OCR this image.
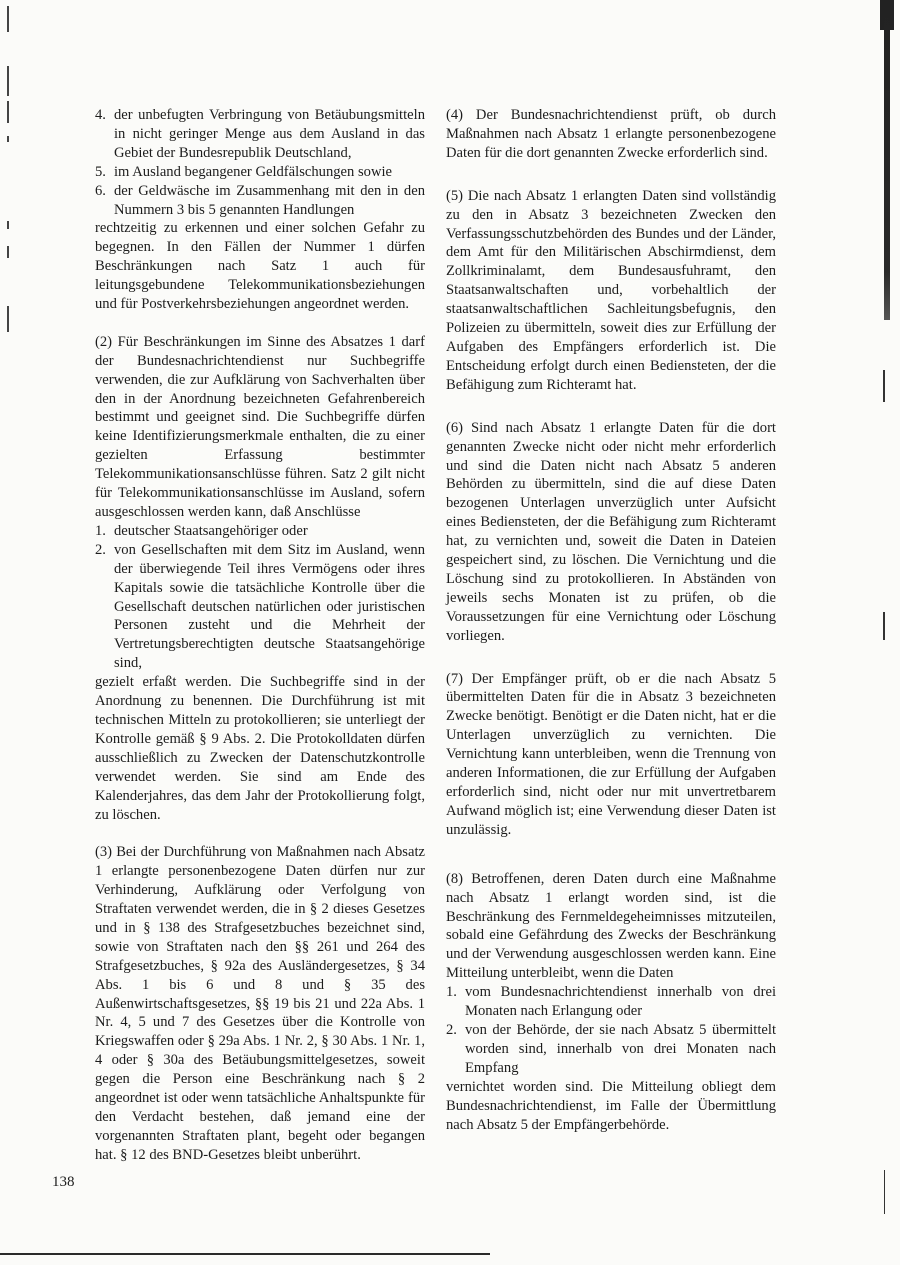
4. der unbefugten Verbringung von Betäubungsmitteln in nicht geringer Menge aus dem Ausland in das Gebiet der Bundesrepublik Deutschland,
5. im Ausland begangener Geldfälschungen sowie
6. der Geldwäsche im Zusammenhang mit den in den Nummern 3 bis 5 genannten Handlungen

rechtzeitig zu erkennen und einer solchen Gefahr zu begegnen. In den Fällen der Nummer 1 dürfen Beschränkungen nach Satz 1 auch für leitungsgebundene Telekommunikationsbeziehungen und für Postverkehrsbeziehungen angeordnet werden.

(2) Für Beschränkungen im Sinne des Absatzes 1 darf der Bundesnachrichtendienst nur Suchbegriffe verwenden, die zur Aufklärung von Sachverhalten über den in der Anordnung bezeichneten Gefahrenbereich bestimmt und geeignet sind. Die Suchbegriffe dürfen keine Identifizierungsmerkmale enthalten, die zu einer gezielten Erfassung bestimmter Telekommunikationsanschlüsse führen. Satz 2 gilt nicht für Telekommunikationsanschlüsse im Ausland, sofern ausgeschlossen werden kann, daß Anschlüsse

1. deutscher Staatsangehöriger oder
2. von Gesellschaften mit dem Sitz im Ausland, wenn der überwiegende Teil ihres Vermögens oder ihres Kapitals sowie die tatsächliche Kontrolle über die Gesellschaft deutschen natürlichen oder juristischen Personen zusteht und die Mehrheit der Vertretungsberechtigten deutsche Staatsangehörige sind,

gezielt erfaßt werden. Die Suchbegriffe sind in der Anordnung zu benennen. Die Durchführung ist mit technischen Mitteln zu protokollieren; sie unterliegt der Kontrolle gemäß § 9 Abs. 2. Die Protokolldaten dürfen ausschließlich zu Zwecken der Datenschutzkontrolle verwendet werden. Sie sind am Ende des Kalenderjahres, das dem Jahr der Protokollierung folgt, zu löschen.

(3) Bei der Durchführung von Maßnahmen nach Absatz 1 erlangte personenbezogene Daten dürfen nur zur Verhinderung, Aufklärung oder Verfolgung von Straftaten verwendet werden, die in § 2 dieses Gesetzes und in § 138 des Strafgesetzbuches bezeichnet sind, sowie von Straftaten nach den §§ 261 und 264 des Strafgesetzbuches, § 92a des Ausländergesetzes, § 34 Abs. 1 bis 6 und 8 und § 35 des Außenwirtschaftsgesetzes, §§ 19 bis 21 und 22a Abs. 1 Nr. 4, 5 und 7 des Gesetzes über die Kontrolle von Kriegswaffen oder § 29a Abs. 1 Nr. 2, § 30 Abs. 1 Nr. 1, 4 oder § 30a des Betäubungsmittelgesetzes, soweit gegen die Person eine Beschränkung nach § 2 angeordnet ist oder wenn tatsächliche Anhaltspunkte für den Verdacht bestehen, daß jemand eine der vorgenannten Straftaten plant, begeht oder begangen hat. § 12 des BND-Gesetzes bleibt unberührt.

(4) Der Bundesnachrichtendienst prüft, ob durch Maßnahmen nach Absatz 1 erlangte personenbezogene Daten für die dort genannten Zwecke erforderlich sind.

(5) Die nach Absatz 1 erlangten Daten sind vollständig zu den in Absatz 3 bezeichneten Zwecken den Verfassungsschutzbehörden des Bundes und der Länder, dem Amt für den Militärischen Abschirmdienst, dem Zollkriminalamt, dem Bundesausfuhramt, den Staatsanwaltschaften und, vorbehaltlich der staatsanwaltschaftlichen Sachleitungsbefugnis, den Polizeien zu übermitteln, soweit dies zur Erfüllung der Aufgaben des Empfängers erforderlich ist. Die Entscheidung erfolgt durch einen Bediensteten, der die Befähigung zum Richteramt hat.

(6) Sind nach Absatz 1 erlangte Daten für die dort genannten Zwecke nicht oder nicht mehr erforderlich und sind die Daten nicht nach Absatz 5 anderen Behörden zu übermitteln, sind die auf diese Daten bezogenen Unterlagen unverzüglich unter Aufsicht eines Bediensteten, der die Befähigung zum Richteramt hat, zu vernichten und, soweit die Daten in Dateien gespeichert sind, zu löschen. Die Vernichtung und die Löschung sind zu protokollieren. In Abständen von jeweils sechs Monaten ist zu prüfen, ob die Voraussetzungen für eine Vernichtung oder Löschung vorliegen.

(7) Der Empfänger prüft, ob er die nach Absatz 5 übermittelten Daten für die in Absatz 3 bezeichneten Zwecke benötigt. Benötigt er die Daten nicht, hat er die Unterlagen unverzüglich zu vernichten. Die Vernichtung kann unterbleiben, wenn die Trennung von anderen Informationen, die zur Erfüllung der Aufgaben erforderlich sind, nicht oder nur mit unvertretbarem Aufwand möglich ist; eine Verwendung dieser Daten ist unzulässig.

(8) Betroffenen, deren Daten durch eine Maßnahme nach Absatz 1 erlangt worden sind, ist die Beschränkung des Fernmeldegeheimnisses mitzuteilen, sobald eine Gefährdung des Zwecks der Beschränkung und der Verwendung ausgeschlossen werden kann. Eine Mitteilung unterbleibt, wenn die Daten

1. vom Bundesnachrichtendienst innerhalb von drei Monaten nach Erlangung oder
2. von der Behörde, der sie nach Absatz 5 übermittelt worden sind, innerhalb von drei Monaten nach Empfang

vernichtet worden sind. Die Mitteilung obliegt dem Bundesnachrichtendienst, im Falle der Übermittlung nach Absatz 5 der Empfängerbehörde.

138
